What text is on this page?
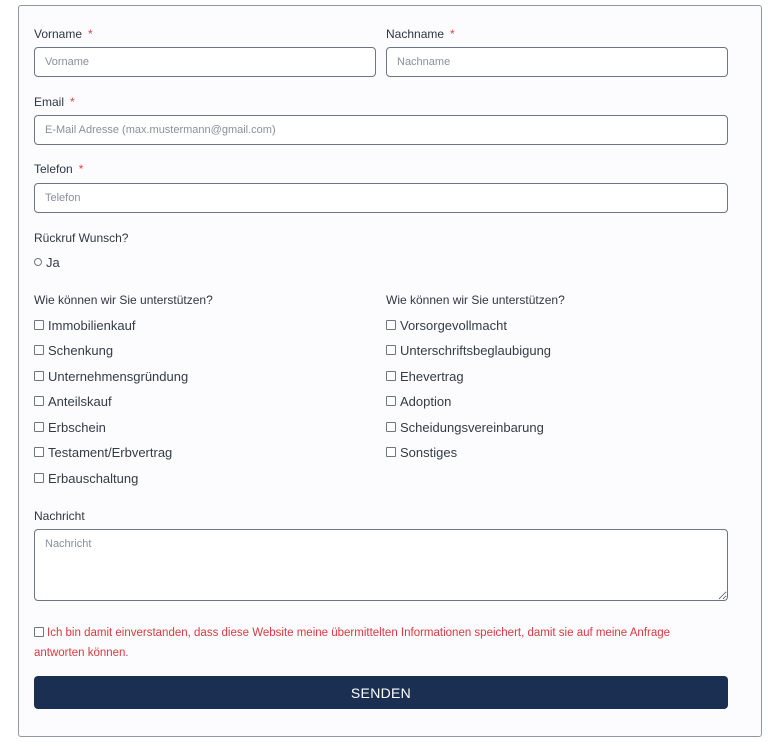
Vorname *
Vorname	Nachname *
Nachname
Email *
E-Mail Adresse (max.mustermann@gmail.com)
Telefon *
Telefon
Rückruf Wunsch?
Ja
Wie können wir Sie unterstützen?
Immobilienkauf
Schenkung
Unternehmensgründung
Anteilskauf
Erbschein
Testament/Erbvertrag
Erbauschaltung
Wie können wir Sie unterstützen?
Vorsorgevollmacht
Unterschriftsbeglaubigung
Ehevertrag
Adoption
Scheidungsvereinbarung
Sonstiges
Nachricht
Nachricht
Ich bin damit einverstanden, dass diese Website meine übermittelten Informationen speichert, damit sie auf meine Anfrage antworten können.
SENDEN
